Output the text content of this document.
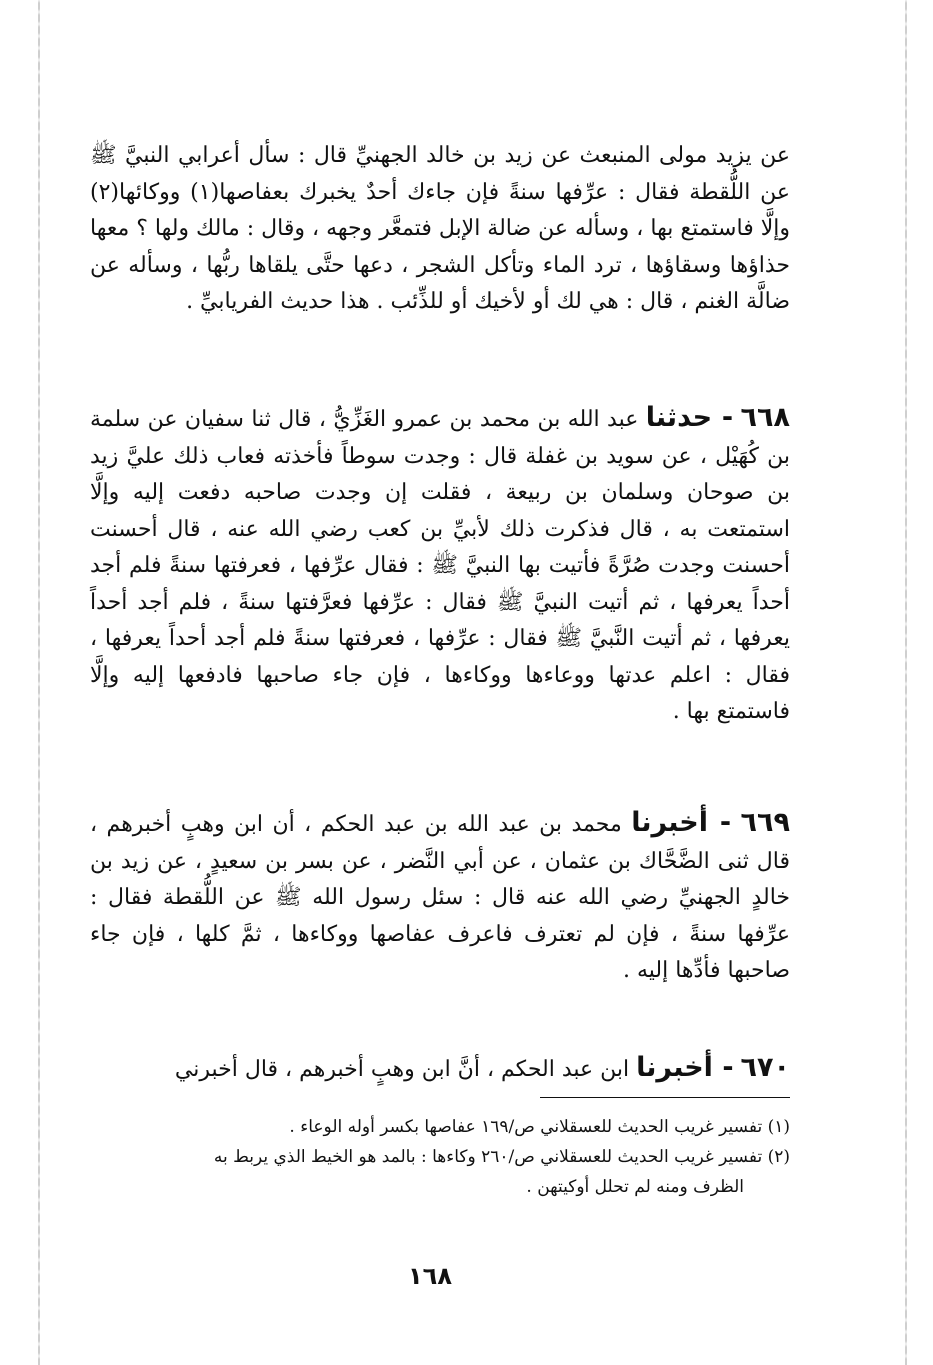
عن يزيد مولى المنبعث عن زيد بن خالد الجهنيِّ قال : سأل أعرابي النبيَّ ﷺ عن اللُّقطة فقال : عرِّفها سنةً فإن جاءك أحدٌ يخبرك بعفاصها(١) ووكائها(٢) وإلَّا فاستمتع بها ، وسأله عن ضالة الإبل فتمعَّر وجهه ، وقال : مالك ولها ؟ معها حذاؤها وسقاؤها ، ترد الماء وتأكل الشجر ، دعها حتَّى يلقاها ربُّها ، وسأله عن ضالَّة الغنم ، قال : هي لك أو لأخيك أو للذِّئب . هذا حديث الفريابيِّ .
٦٦٨ - حدثنا عبد الله بن محمد بن عمرو الغَزِّيُّ ، قال ثنا سفيان عن سلمة بن كُهَيْل ، عن سويد بن غفلة قال : وجدت سوطاً فأخذته فعاب ذلك عليَّ زيد بن صوحان وسلمان بن ربيعة ، فقلت إن وجدت صاحبه دفعت إليه وإلَّا استمتعت به ، قال فذكرت ذلك لأبيِّ بن كعب رضي الله عنه ، قال أحسنت أحسنت وجدت صُرَّةً فأتيت بها النبيَّ ﷺ : فقال عرِّفها ، فعرفتها سنةً فلم أجد أحداً يعرفها ، ثم أتيت النبيَّ ﷺ فقال : عرِّفها فعرَّفتها سنةً ، فلم أجد أحداً يعرفها ، ثم أتيت النَّبيَّ ﷺ فقال : عرِّفها ، فعرفتها سنةً فلم أجد أحداً يعرفها ، فقال : اعلم عدتها ووعاءها ووكاءها ، فإن جاء صاحبها فادفعها إليه وإلَّا فاستمتع بها .
٦٦٩ - أخبرنا محمد بن عبد الله بن عبد الحكم ، أن ابن وهبٍ أخبرهم ، قال ثنى الضَّحَّاك بن عثمان ، عن أبي النَّضر ، عن بسر بن سعيدٍ ، عن زيد بن خالدٍ الجهنيِّ رضي الله عنه قال : سئل رسول الله ﷺ عن اللُّقطة فقال : عرِّفها سنةً ، فإن لم تعترف فاعرف عفاصها ووكاءها ، ثمَّ كلها ، فإن جاء صاحبها فأدِّها إليه .
٦٧٠ - أخبرنا ابن عبد الحكم ، أنَّ ابن وهبٍ أخبرهم ، قال أخبرني
(١) تفسير غريب الحديث للعسقلاني ص/١٦٩ عفاصها بكسر أوله الوعاء .
(٢) تفسير غريب الحديث للعسقلاني ص/٢٦٠ وكاءها : بالمد هو الخيط الذي يربط به
الظرف ومنه لم تحلل أوكيتهن .
١٦٨
